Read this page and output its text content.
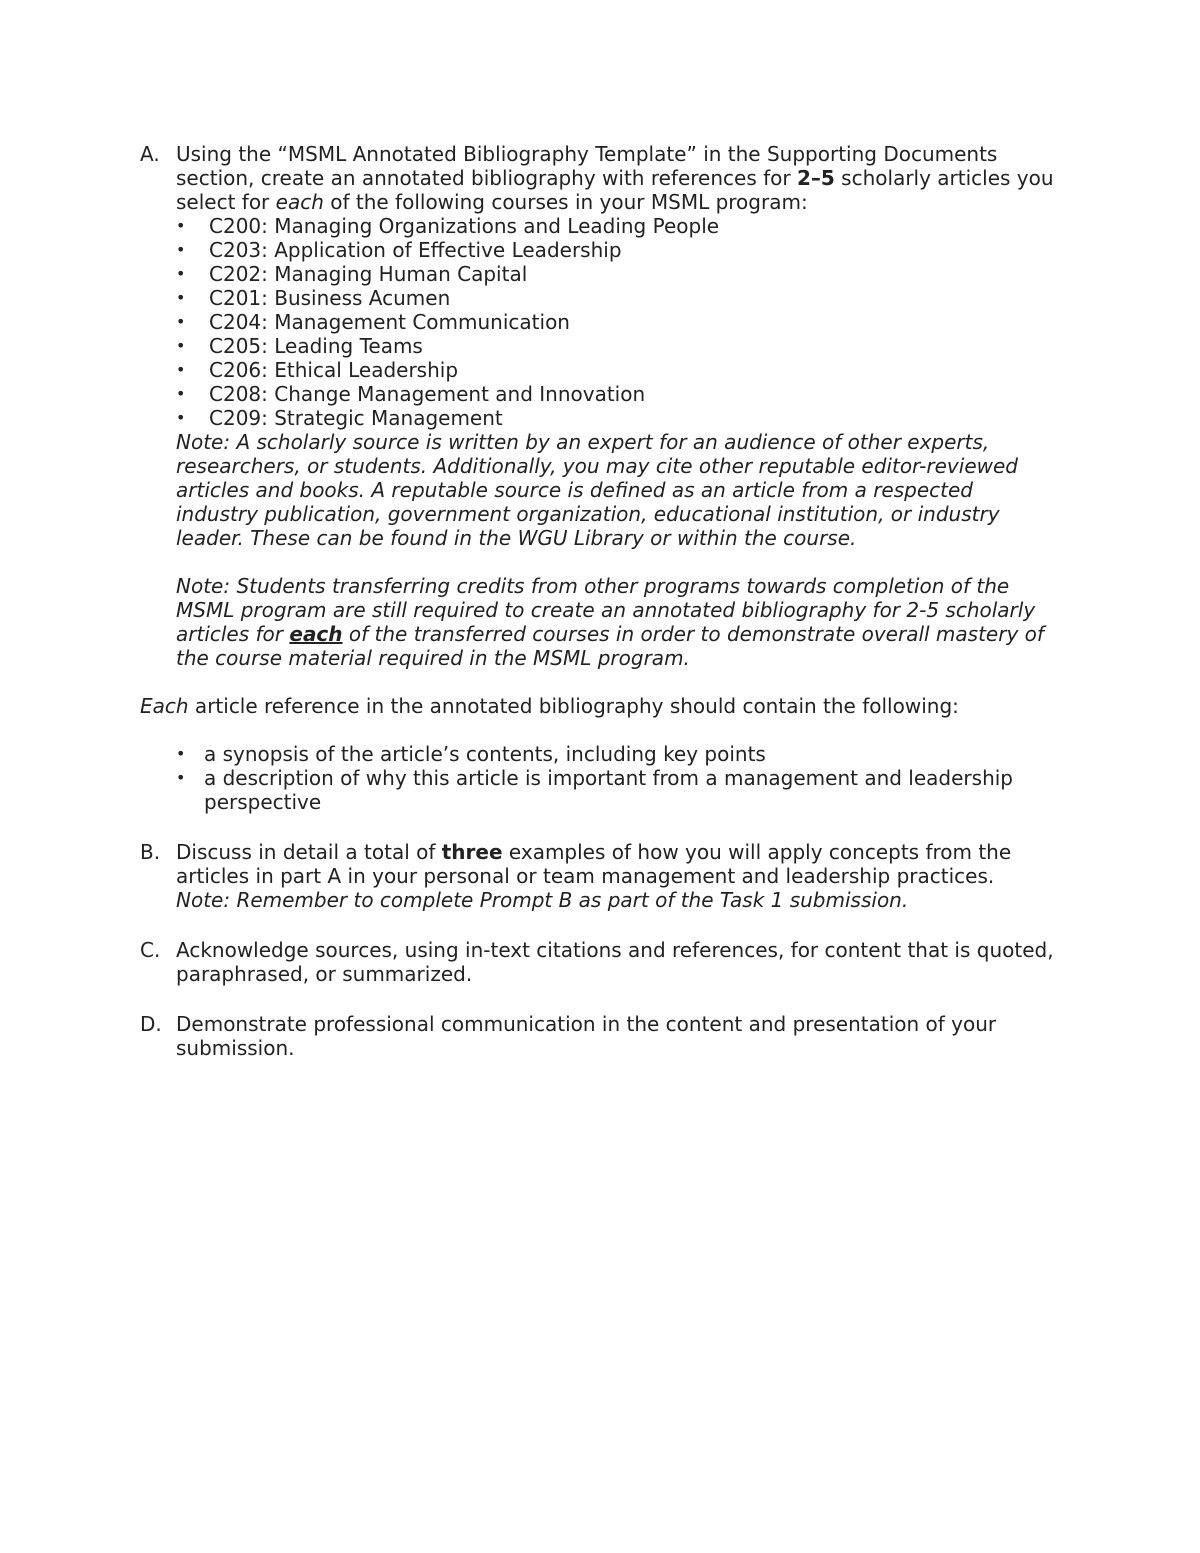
A. Using the “MSML Annotated Bibliography Template” in the Supporting Documents section, create an annotated bibliography with references for 2–5 scholarly articles you select for each of the following courses in your MSML program:

• C200: Managing Organizations and Leading People
• C203: Application of Effective Leadership
• C202: Managing Human Capital
• C201: Business Acumen
• C204: Management Communication
• C205: Leading Teams
• C206: Ethical Leadership
• C208: Change Management and Innovation
• C209: Strategic Management

Note: A scholarly source is written by an expert for an audience of other experts, researchers, or students. Additionally, you may cite other reputable editor-reviewed articles and books. A reputable source is defined as an article from a respected industry publication, government organization, educational institution, or industry leader. These can be found in the WGU Library or within the course.

Note: Students transferring credits from other programs towards completion of the MSML program are still required to create an annotated bibliography for 2-5 scholarly articles for each of the transferred courses in order to demonstrate overall mastery of the course material required in the MSML program.

Each article reference in the annotated bibliography should contain the following:

• a synopsis of the article’s contents, including key points
• a description of why this article is important from a management and leadership perspective
B. Discuss in detail a total of three examples of how you will apply concepts from the articles in part A in your personal or team management and leadership practices.

Note: Remember to complete Prompt B as part of the Task 1 submission.

C. Acknowledge sources, using in-text citations and references, for content that is quoted, paraphrased, or summarized.

D. Demonstrate professional communication in the content and presentation of your submission.
